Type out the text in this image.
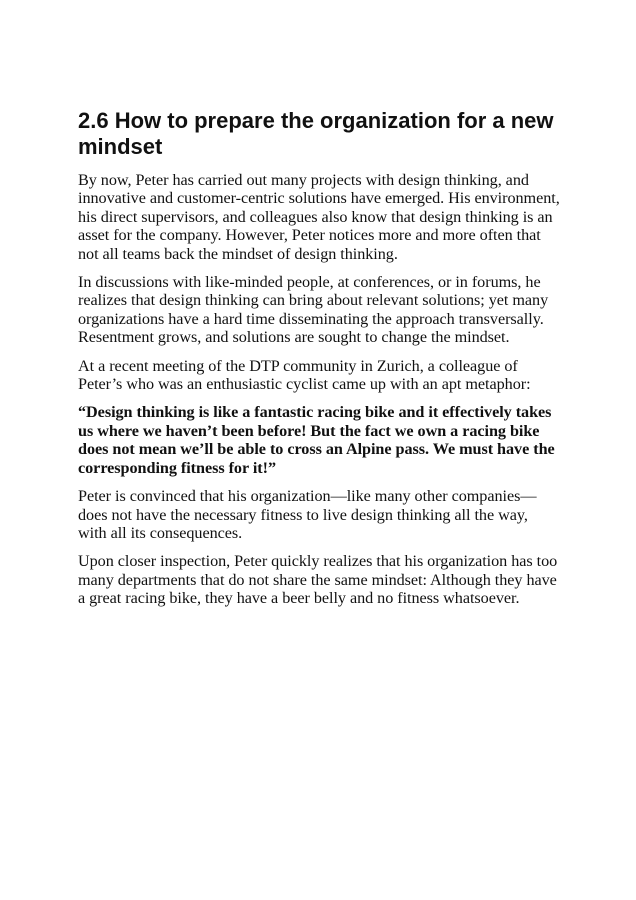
2.6 How to prepare the organization for a new mindset

By now, Peter has carried out many projects with design thinking, and innovative and customer-centric solutions have emerged. His environment, his direct supervisors, and colleagues also know that design thinking is an asset for the company. However, Peter notices more and more often that not all teams back the mindset of design thinking.

In discussions with like-minded people, at conferences, or in forums, he realizes that design thinking can bring about relevant solutions; yet many organizations have a hard time disseminating the approach transversally. Resentment grows, and solutions are sought to change the mindset.

At a recent meeting of the DTP community in Zurich, a colleague of Peter’s who was an enthusiastic cyclist came up with an apt metaphor:

“Design thinking is like a fantastic racing bike and it effectively takes us where we haven’t been before! But the fact we own a racing bike does not mean we’ll be able to cross an Alpine pass. We must have the corresponding fitness for it!”

Peter is convinced that his organization—like many other companies—does not have the necessary fitness to live design thinking all the way, with all its consequences.

Upon closer inspection, Peter quickly realizes that his organization has too many departments that do not share the same mindset: Although they have a great racing bike, they have a beer belly and no fitness whatsoever.
